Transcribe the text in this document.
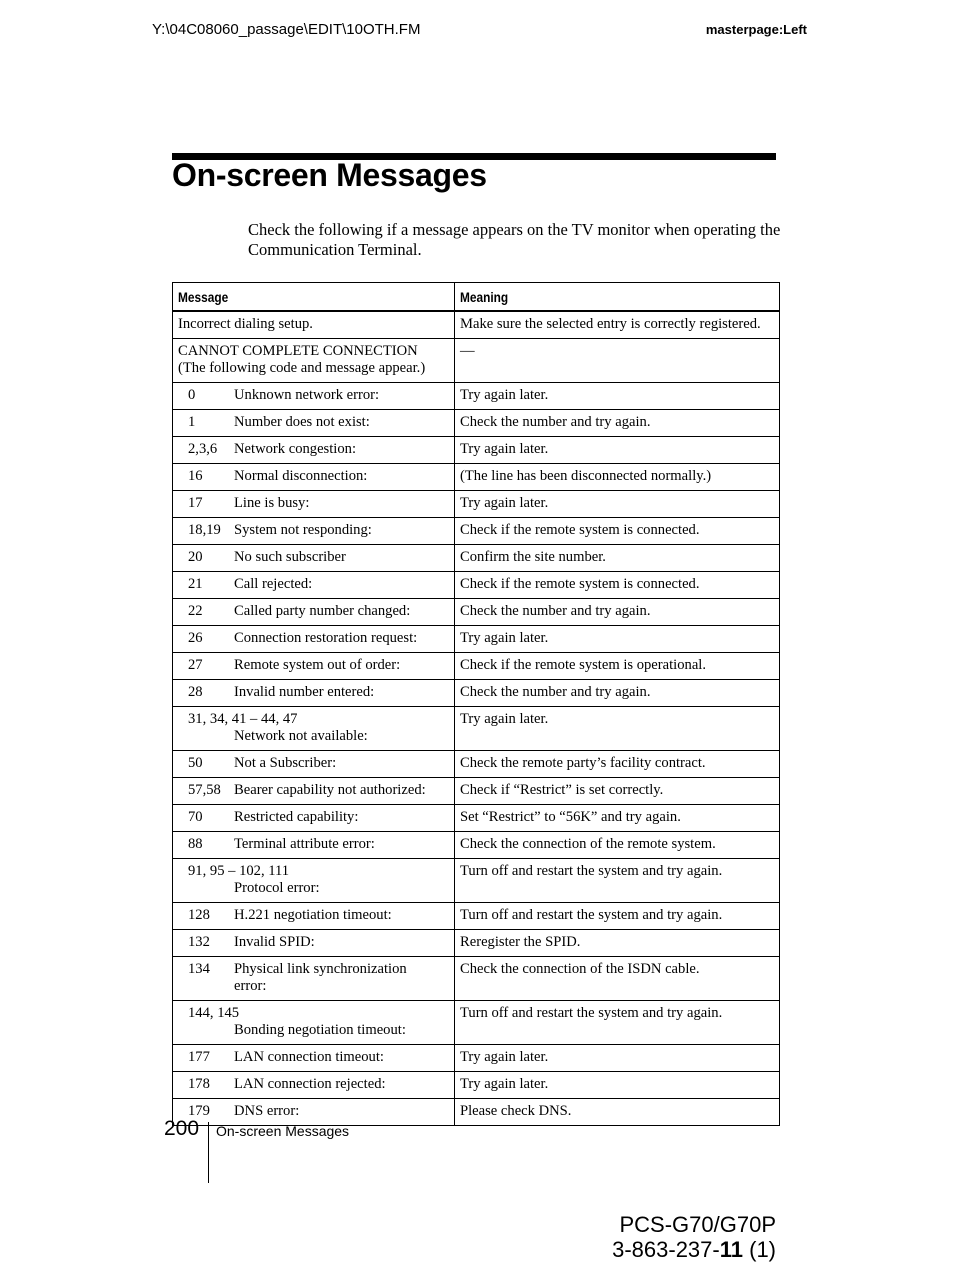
Y:\04C08060_passage\EDIT\10OTH.FM	masterpage:Left
On-screen Messages
Check the following if a message appears on the TV monitor when operating the Communication Terminal.
Message	Meaning
Incorrect dialing setup.	Make sure the selected entry is correctly registered.

CANNOT COMPLETE CONNECTION
(The following code and message appear.)	—
0 Unknown network error:	Try again later.
1 Number does not exist:	Check the number and try again.
2,3,6 Network congestion:	Try again later.
16 Normal disconnection:	(The line has been disconnected normally.)
17 Line is busy:	Try again later.
18,19 System not responding:	Check if the remote system is connected.
20 No such subscriber	Confirm the site number.
21 Call rejected:	Check if the remote system is connected.
22 Called party number changed:	Check the number and try again.
26 Connection restoration request:	Try again later.
27 Remote system out of order:	Check if the remote system is operational.
28 Invalid number entered:	Check the number and try again.

31, 34, 41 – 44, 47
Network not available:	Try again later.
50 Not a Subscriber:	Check the remote party’s facility contract.
57,58 Bearer capability not authorized:	Check if “Restrict” is set correctly.
70 Restricted capability:	Set “Restrict” to “56K” and try again.
88 Terminal attribute error:	Check the connection of the remote system.

91, 95 – 102, 111
Protocol error:	Turn off and restart the system and try again.
128 H.221 negotiation timeout:	Turn off and restart the system and try again.
132 Invalid SPID:	Reregister the SPID.

134 Physical link synchronization
error:	Check the connection of the ISDN cable.

144, 145
Bonding negotiation timeout:	Turn off and restart the system and try again.
177 LAN connection timeout:	Try again later.
178 LAN connection rejected:	Try again later.
179 DNS error:	Please check DNS.
200 On-screen Messages
PCS-G70/G70P
3-863-237-11 (1)
